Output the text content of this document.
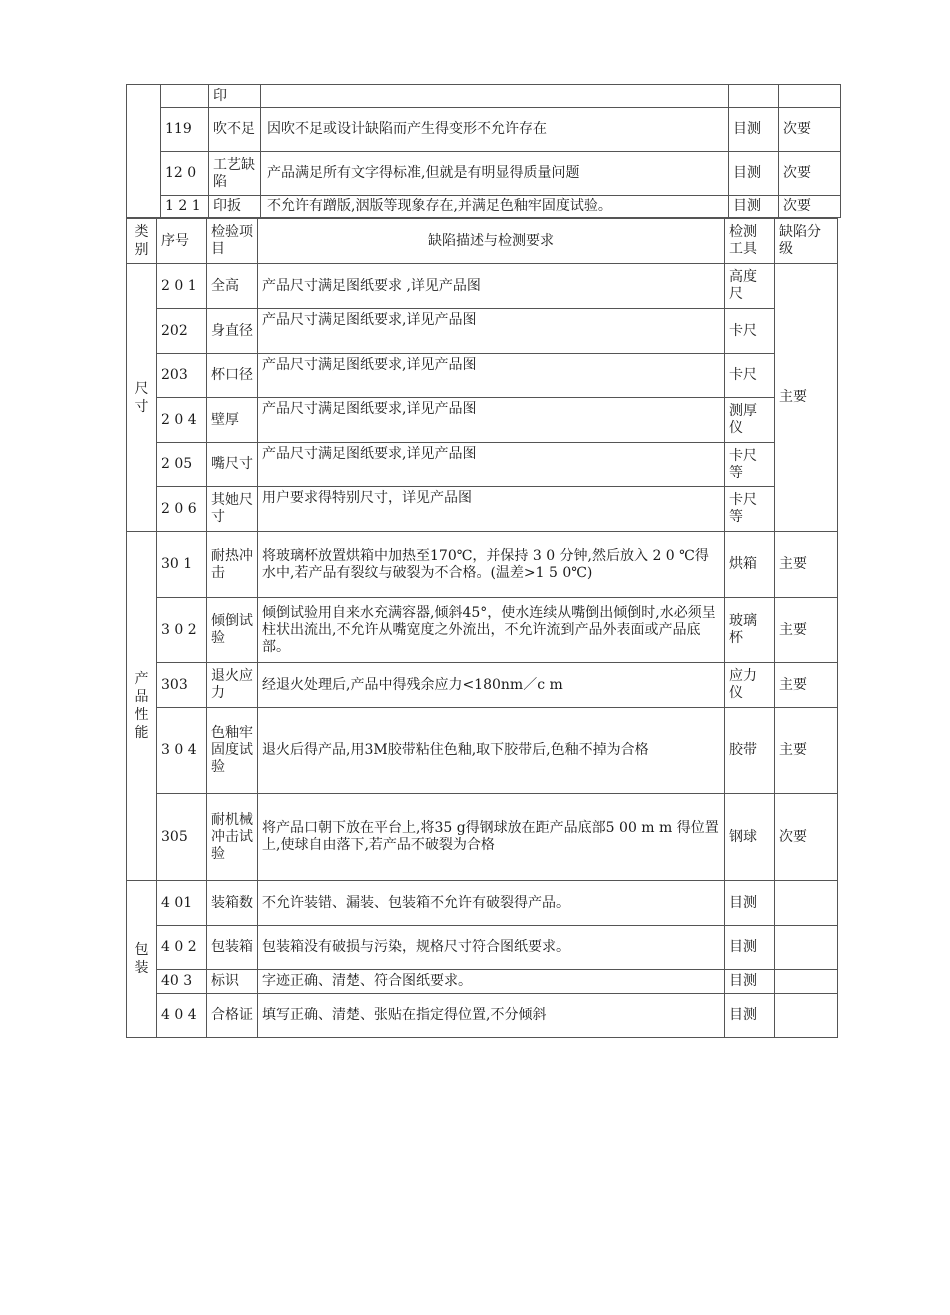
		印			
	119	吹不足	因吹不足或设计缺陷而产生得变形不允许存在	目测	次要
	12 0	工艺缺陷	产品满足所有文字得标准,但就是有明显得质量问题	目测	次要
	1 2 1	印扳	不允许有蹭版,洇版等现象存在,并满足色釉牢固度试验。	目测	次要
类别	序号	检验项目	缺陷描述与检测要求	检测工具	缺陷分级
尺寸	2 0 1	全高	产品尺寸满足图纸要求 ,详见产品图	高度尺	主要
	202	身直径	产品尺寸满足图纸要求,详见产品图	卡尺	
	203	杯口径	产品尺寸满足图纸要求,详见产品图	卡尺	
	2 0 4	壁厚	产品尺寸满足图纸要求,详见产品图	测厚仪	
	2 05	嘴尺寸	产品尺寸满足图纸要求,详见产品图	卡尺等	
	2 0 6	其她尺寸	用户要求得特别尺寸，详见产品图	卡尺等	
产品性能	30 1	耐热冲击	将玻璃杯放置烘箱中加热至170℃，并保持 3 0 分钟,然后放入 2 0 ℃得水中,若产品有裂纹与破裂为不合格。(温差>1 5 0℃)	烘箱	主要
	3 0 2	倾倒试验	倾倒试验用自来水充满容器,倾斜45°，使水连续从嘴倒出倾倒时,水必须呈柱状出流出,不允许从嘴宽度之外流出，不允许流到产品外表面或产品底部。	玻璃杯	主要
	303	退火应力	经退火处理后,产品中得残余应力<180nm／c m	应力仪	主要
	3 0 4	色釉牢固度试验	退火后得产品,用3M胶带粘住色釉,取下胶带后,色釉不掉为合格	胶带	主要
	305	耐机械冲击试验	将产品口朝下放在平台上,将35 g得钢球放在距产品底部5 00 m m 得位置上,使球自由落下,若产品不破裂为合格	钢球	次要
包装	4 01	装箱数	不允许装错、漏装、包装箱不允许有破裂得产品。	目测	
	4 0 2	包装箱	包装箱没有破损与污染，规格尺寸符合图纸要求。	目测	
	40 3	标识	字迹正确、清楚、符合图纸要求。	目测	
	4 0 4	合格证	填写正确、清楚、张贴在指定得位置,不分倾斜	目测	
